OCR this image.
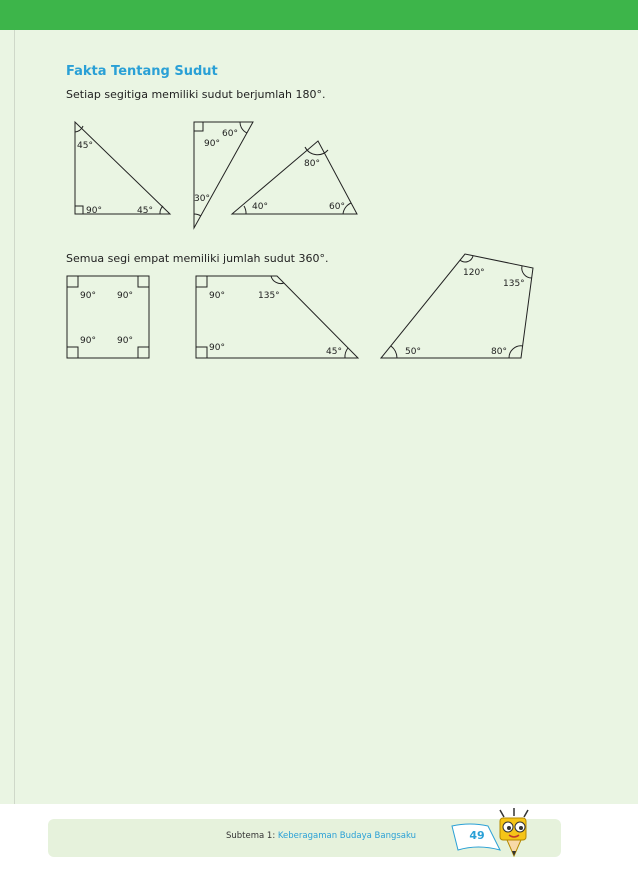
Fakta Tentang Sudut

Setiap segitiga memiliki sudut berjumlah 180°.

Semua segi empat memiliki jumlah sudut 360°.

45°
90°	45°
60°
90°
30°
80°
40°	60°
90° 90°
90° 90°
90°	135°
90°	45°
120°
135°
50°	80°

Subtema 1: Keberagaman Budaya Bangsaku	49
